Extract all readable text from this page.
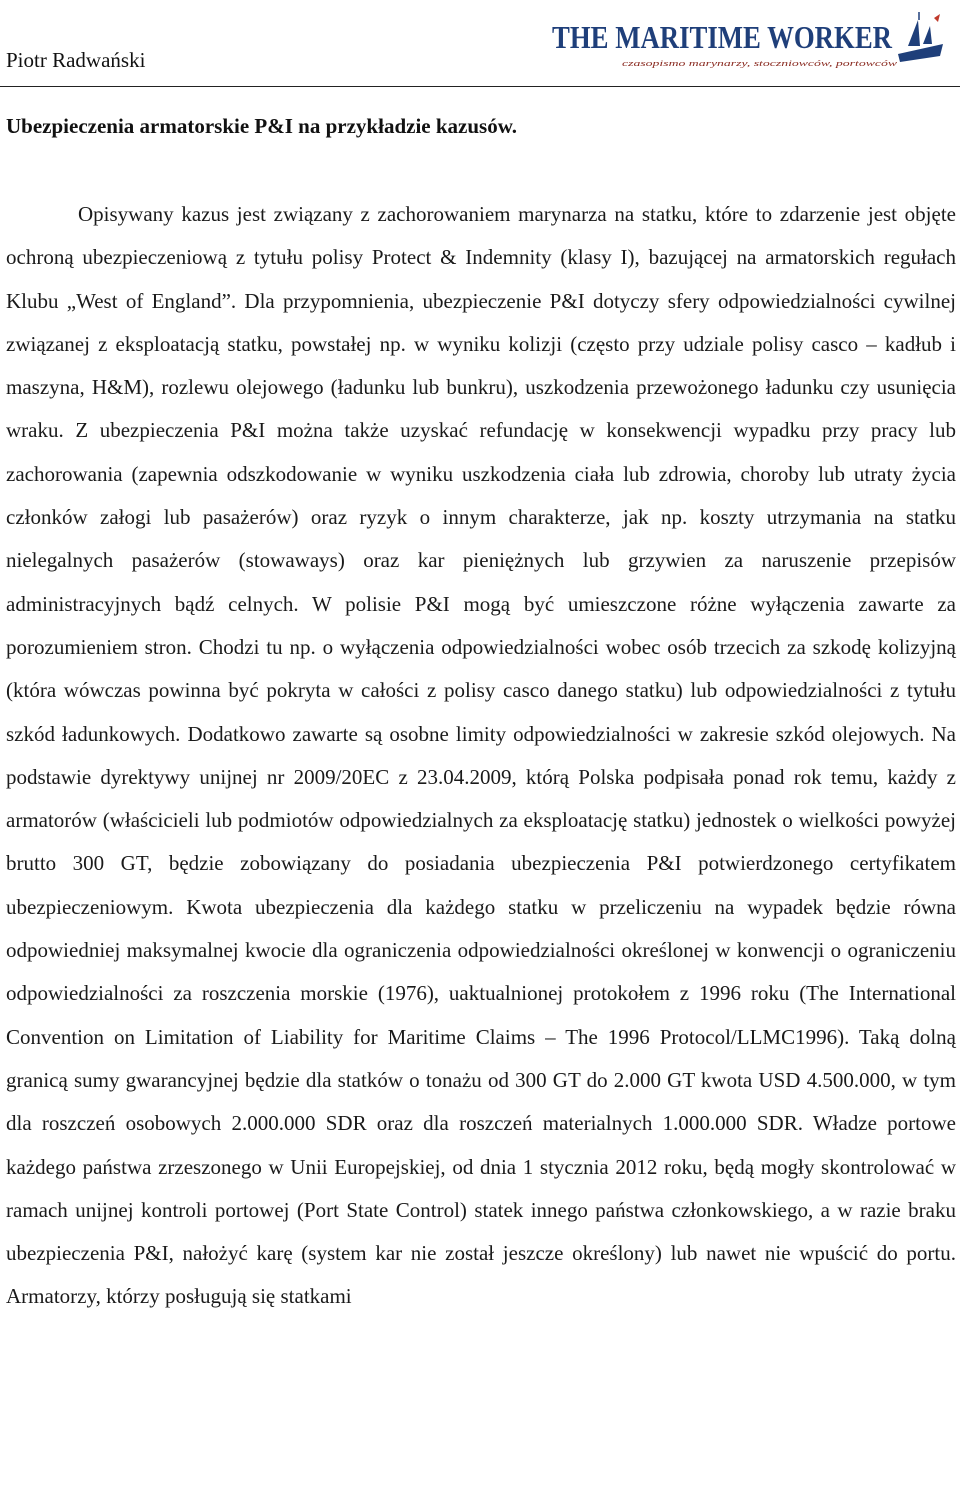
Piotr Radwański
THE MARITIME WORKER
czasopismo marynarzy, stoczniowców, portowców
Ubezpieczenia armatorskie P&I na przykładzie kazusów.

Opisywany kazus jest związany z zachorowaniem marynarza na statku, które to zdarzenie jest objęte ochroną ubezpieczeniową z tytułu polisy Protect & Indemnity (klasy I), bazującej na armatorskich regułach Klubu „West of England”. Dla przypomnienia, ubezpieczenie P&I dotyczy sfery odpowiedzialności cywilnej związanej z eksploatacją statku, powstałej np. w wyniku kolizji (często przy udziale polisy casco – kadłub i maszyna, H&M), rozlewu olejowego (ładunku lub bunkru), uszkodzenia przewożonego ładunku czy usunięcia wraku. Z ubezpieczenia P&I można także uzyskać refundację w konsekwencji wypadku przy pracy lub zachorowania (zapewnia odszkodowanie w wyniku uszkodzenia ciała lub zdrowia, choroby lub utraty życia członków załogi lub pasażerów) oraz ryzyk o innym charakterze, jak np. koszty utrzymania na statku nielegalnych pasażerów (stowaways) oraz kar pieniężnych lub grzywien za naruszenie przepisów administracyjnych bądź celnych. W polisie P&I mogą być umieszczone różne wyłączenia zawarte za porozumieniem stron. Chodzi tu np. o wyłączenia odpowiedzialności wobec osób trzecich za szkodę kolizyjną (która wówczas powinna być pokryta w całości z polisy casco danego statku) lub odpowiedzialności z tytułu szkód ładunkowych. Dodatkowo zawarte są osobne limity odpowiedzialności w zakresie szkód olejowych. Na podstawie dyrektywy unijnej nr 2009/20EC z 23.04.2009, którą Polska podpisała ponad rok temu, każdy z armatorów (właścicieli lub podmiotów odpowiedzialnych za eksploatację statku) jednostek o wielkości powyżej brutto 300 GT, będzie zobowiązany do posiadania ubezpieczenia P&I potwierdzonego certyfikatem ubezpieczeniowym. Kwota ubezpieczenia dla każdego statku w przeliczeniu na wypadek będzie równa odpowiedniej maksymalnej kwocie dla ograniczenia odpowiedzialności określonej w konwencji o ograniczeniu odpowiedzialności za roszczenia morskie (1976), uaktualnionej protokołem z 1996 roku (The International Convention on Limitation of Liability for Maritime Claims – The 1996 Protocol/LLMC1996). Taką dolną granicą sumy gwarancyjnej będzie dla statków o tonażu od 300 GT do 2.000 GT kwota USD 4.500.000, w tym dla roszczeń osobowych 2.000.000 SDR oraz dla roszczeń materialnych 1.000.000 SDR. Władze portowe każdego państwa zrzeszonego w Unii Europejskiej, od dnia 1 stycznia 2012 roku, będą mogły skontrolować w ramach unijnej kontroli portowej (Port State Control) statek innego państwa członkowskiego, a w razie braku ubezpieczenia P&I, nałożyć karę (system kar nie został jeszcze określony) lub nawet nie wpuścić do portu. Armatorzy, którzy posługują się statkami
